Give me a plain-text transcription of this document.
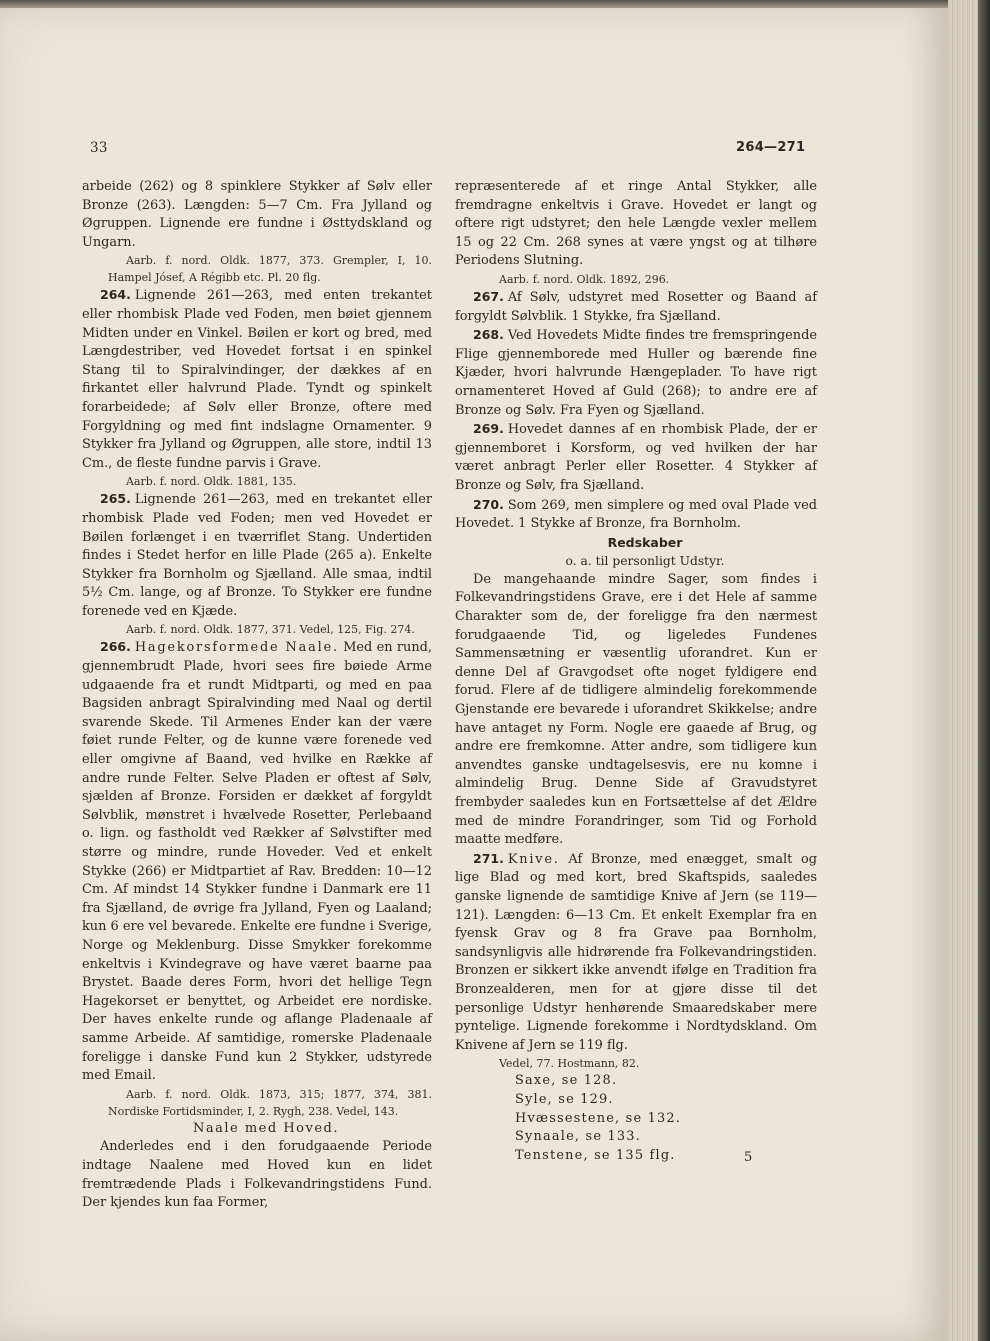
33	264—271

arbeide (262) og 8 spinklere Stykker af Sølv eller Bronze (263). Længden: 5—7 Cm. Fra Jylland og Øgruppen. Lignende ere fundne i Østtydskland og Ungarn.

Aarb. f. nord. Oldk. 1877, 373. Grempler, I, 10. Hampel Jósef, A Régibb etc. Pl. 20 flg.

264. Lignende 261—263, med enten trekantet eller rhombisk Plade ved Foden, men bøiet gjennem Midten under en Vinkel. Bøilen er kort og bred, med Længdestriber, ved Hovedet fortsat i en spinkel Stang til to Spiralvindinger, der dækkes af en firkantet eller halvrund Plade. Tyndt og spinkelt forarbeidede; af Sølv eller Bronze, oftere med Forgyldning og med fint indslagne Ornamenter. 9 Stykker fra Jylland og Øgruppen, alle store, indtil 13 Cm., de fleste fundne parvis i Grave.

Aarb. f. nord. Oldk. 1881, 135.

265. Lignende 261—263, med en trekantet eller rhombisk Plade ved Foden; men ved Hovedet er Bøilen forlænget i en tværriflet Stang. Undertiden findes i Stedet herfor en lille Plade (265 a). Enkelte Stykker fra Bornholm og Sjælland. Alle smaa, indtil 5½ Cm. lange, og af Bronze. To Stykker ere fundne forenede ved en Kjæde.

Aarb. f. nord. Oldk. 1877, 371. Vedel, 125, Fig. 274.

266. Hagekorsformede Naale. Med en rund, gjennembrudt Plade, hvori sees fire bøiede Arme udgaaende fra et rundt Midtparti, og med en paa Bagsiden anbragt Spiralvinding med Naal og dertil svarende Skede. Til Armenes Ender kan der være føiet runde Felter, og de kunne være forenede ved eller omgivne af Baand, ved hvilke en Række af andre runde Felter. Selve Pladen er oftest af Sølv, sjælden af Bronze. Forsiden er dækket af forgyldt Sølvblik, mønstret i hvælvede Rosetter, Perlebaand o. lign. og fastholdt ved Rækker af Sølvstifter med større og mindre, runde Hoveder. Ved et enkelt Stykke (266) er Midtpartiet af Rav. Bredden: 10—12 Cm. Af mindst 14 Stykker fundne i Danmark ere 11 fra Sjælland, de øvrige fra Jylland, Fyen og Laaland; kun 6 ere vel bevarede. Enkelte ere fundne i Sverige, Norge og Meklenburg. Disse Smykker forekomme enkeltvis i Kvindegrave og have været baarne paa Brystet. Baade deres Form, hvori det hellige Tegn Hagekorset er benyttet, og Arbeidet ere nordiske. Der haves enkelte runde og aflange Pladenaale af samme Arbeide. Af samtidige, romerske Pladenaale foreligge i danske Fund kun 2 Stykker, udstyrede med Email.

Aarb. f. nord. Oldk. 1873, 315; 1877, 374, 381. Nordiske Fortidsminder, I, 2. Rygh, 238. Vedel, 143.

Naale med Hoved.

Anderledes end i den forudgaaende Periode indtage Naalene med Hoved kun en lidet fremtrædende Plads i Folkevandringstidens Fund. Der kjendes kun faa Former,

repræsenterede af et ringe Antal Stykker, alle fremdragne enkeltvis i Grave. Hovedet er langt og oftere rigt udstyret; den hele Længde vexler mellem 15 og 22 Cm. 268 synes at være yngst og at tilhøre Periodens Slutning.

Aarb. f. nord. Oldk. 1892, 296.

267. Af Sølv, udstyret med Rosetter og Baand af forgyldt Sølvblik. 1 Stykke, fra Sjælland.

268. Ved Hovedets Midte findes tre fremspringende Flige gjennemborede med Huller og bærende fine Kjæder, hvori halvrunde Hængeplader. To have rigt ornamenteret Hoved af Guld (268); to andre ere af Bronze og Sølv. Fra Fyen og Sjælland.

269. Hovedet dannes af en rhombisk Plade, der er gjennemboret i Korsform, og ved hvilken der har været anbragt Perler eller Rosetter. 4 Stykker af Bronze og Sølv, fra Sjælland.

270. Som 269, men simplere og med oval Plade ved Hovedet. 1 Stykke af Bronze, fra Bornholm.

Redskaber

o. a. til personligt Udstyr.

De mangehaande mindre Sager, som findes i Folkevandringstidens Grave, ere i det Hele af samme Charakter som de, der foreligge fra den nærmest forudgaaende Tid, og ligeledes Fundenes Sammensætning er væsentlig uforandret. Kun er denne Del af Gravgodset ofte noget fyldigere end forud. Flere af de tidligere almindelig forekommende Gjenstande ere bevarede i uforandret Skikkelse; andre have antaget ny Form. Nogle ere gaaede af Brug, og andre ere fremkomne. Atter andre, som tidligere kun anvendtes ganske undtagelsesvis, ere nu komne i almindelig Brug. Denne Side af Gravudstyret frembyder saaledes kun en Fortsættelse af det Ældre med de mindre Forandringer, som Tid og Forhold maatte medføre.

271. Knive. Af Bronze, med enægget, smalt og lige Blad og med kort, bred Skaftspids, saaledes ganske lignende de samtidige Knive af Jern (se 119—121). Længden: 6—13 Cm. Et enkelt Exemplar fra en fyensk Grav og 8 fra Grave paa Bornholm, sandsynligvis alle hidrørende fra Folkevandringstiden. Bronzen er sikkert ikke anvendt ifølge en Tradition fra Bronzealderen, men for at gjøre disse til det personlige Udstyr henhørende Smaaredskaber mere pyntelige. Lignende forekomme i Nordtydskland. Om Knivene af Jern se 119 flg.

Vedel, 77. Hostmann, 82.

Saxe, se 128.

Syle, se 129.

Hvæssestene, se 132.

Synaale, se 133.

Tenstene, se 135 flg.	5
